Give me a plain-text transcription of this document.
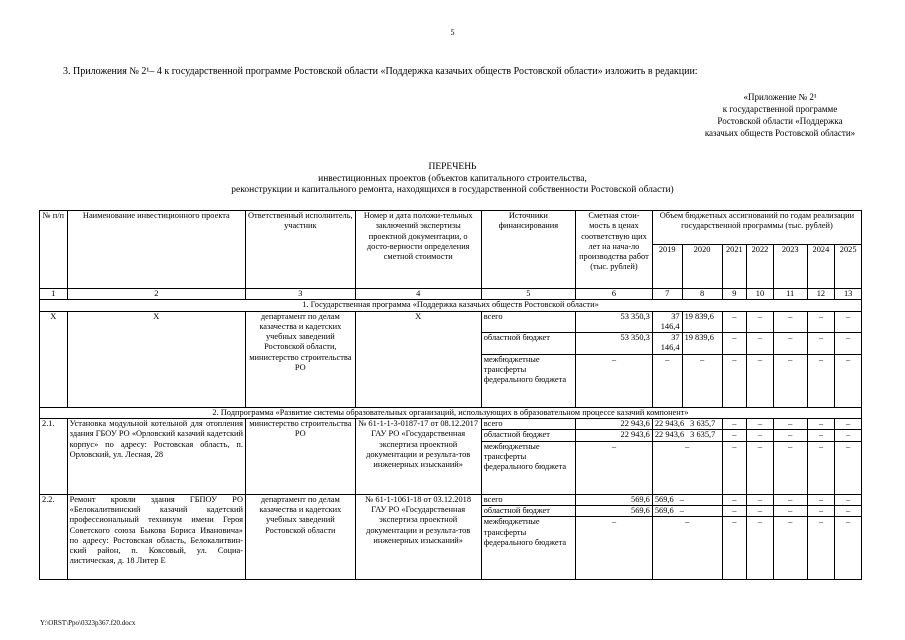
5
3. Приложения № 2¹– 4 к государственной программе Ростовской области «Поддержка казачьих обществ Ростовской области» изложить в редакции:
«Приложение № 2¹
к государственной программе
Ростовской области «Поддержка
казачьих обществ Ростовской области»
ПЕРЕЧЕНЬ
инвестиционных проектов (объектов капитального строительства,
реконструкции и капитального ремонта, находящихся в государственной собственности Ростовской области)
№ п/п	Наименование инвестиционного проекта	Ответственный исполнитель, участник	Номер и дата положи-тельных заключений экспертизы проектной документации, о досто-верности определения сметной стоимости	Источники финансирования	Сметная стои-мость в ценах соответствую щих лет на нача-ло производства работ (тыс. рублей)	Объем бюджетных ассигнований по годам реализации государственной программы (тыс. рублей)						
						2019	2020	2021	2022	2023	2024	2025
1	2	3	4	5	6	7	8	9	10	11	12	13
1. Государственная программа «Поддержка казачьих обществ Ростовской области»												
Х	Х	департамент по делам казачества и кадетских учебных заведений Ростовской области, министерство строительства РО	Х	всего	53 350,3	37 146,4	19 839,6	–	–	–	–	–
				областной бюджет	53 350,3	37 146,4	19 839,6	–	–	–	–	–
				межбюджетные трансферты федерального бюджета	–	–	–	–	–	–	–	–
2. Подпрограмма «Развитие системы образовательных организаций, использующих в образовательном процессе казачий компонент»												
2.1.	Установка модульной котельной для отопления здания ГБОУ РО «Орловский казачий кадетский корпус» по адресу: Ростовская область, п. Орловский, ул. Лесная, 28	министерство строительства РО	№ 61-1-1-3-0187-17 от 08.12.2017 ГАУ РО «Государственная экспертиза проектной документации и результа-тов инженерных изысканий»	всего	22 943,6	22 943,6 3 635,7		–	–	–	–	–
				областной бюджет	22 943,6	22 943,6 3 635,7		–	–	–	–	–
				межбюджетные трансферты федерального бюджета	–	–		–	–	–	–	–
2.2.	Ремонт кровли здания ГБПОУ РО «Белокалитвинский казачий кадетский профессиональный техникум имени Героя Советского союза Быкова Бориса Ивановича» по адресу: Ростовская область, Белокалитвин-ский район, п. Коксовый, ул. Социа-листическая, д. 18 Литер Е	департамент по делам казачества и кадетских учебных заведений Ростовской области	№ 61-1-1061-18 от 03.12.2018 ГАУ РО «Государственная экспертиза проектной документации и результа-тов инженерных изысканий»	всего	569,6	569,6 –		–	–	–	–	–
				областной бюджет	569,6	569,6 –		–	–	–	–	–
				межбюджетные трансферты федерального бюджета	–	–		–	–	–	–	–
Y:\ORST\Ppo\0323p367.f20.docx
